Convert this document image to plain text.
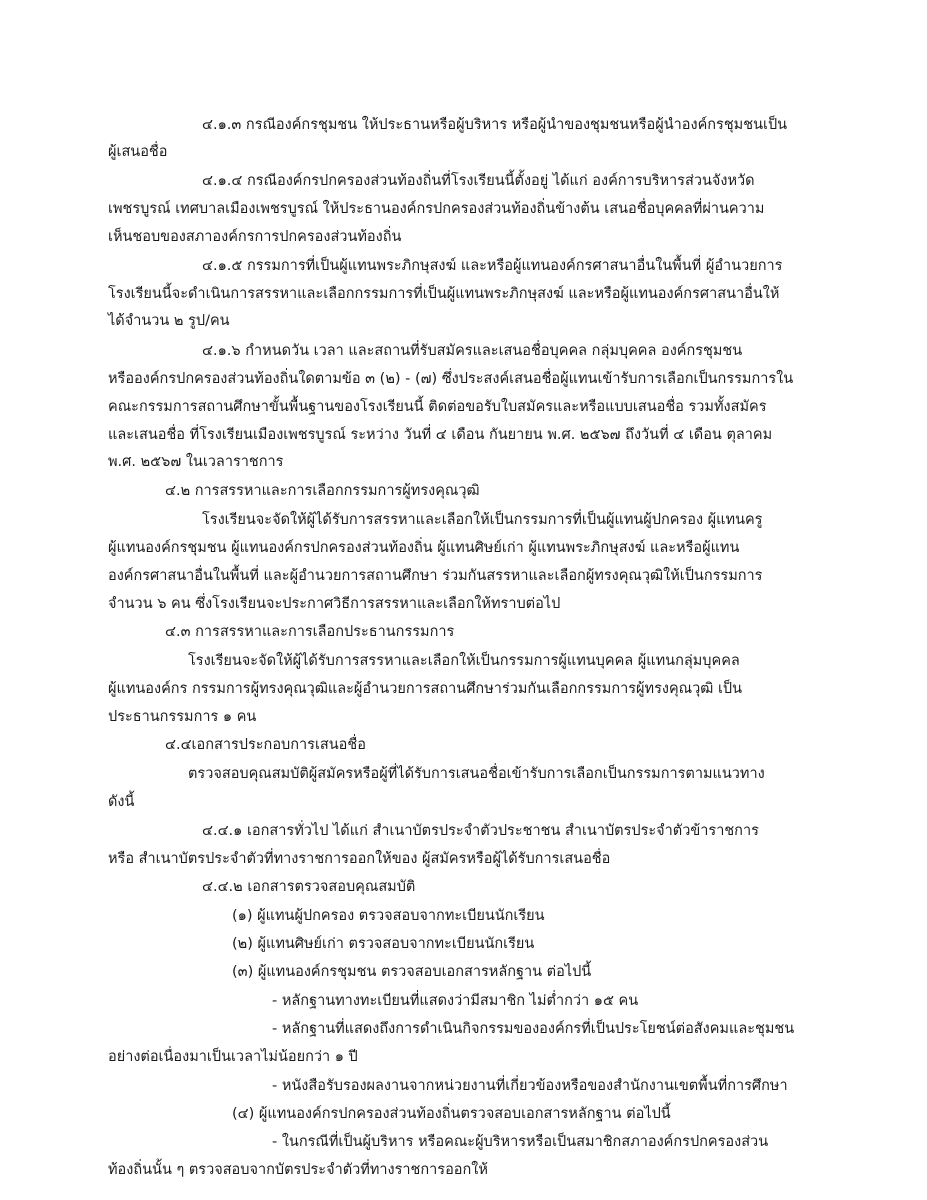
๔.๑.๓ กรณีองค์กรชุมชน ให้ประธานหรือผู้บริหาร หรือผู้นำของชุมชนหรือผู้นำองค์กรชุมชนเป็น
ผู้เสนอชื่อ
๔.๑.๔ กรณีองค์กรปกครองส่วนท้องถิ่นที่โรงเรียนนี้ตั้งอยู่ ได้แก่ องค์การบริหารส่วนจังหวัด
เพชรบูรณ์ เทศบาลเมืองเพชรบูรณ์ ให้ประธานองค์กรปกครองส่วนท้องถิ่นข้างต้น เสนอชื่อบุคคลที่ผ่านความ
เห็นชอบของสภาองค์กรการปกครองส่วนท้องถิ่น
๔.๑.๕ กรรมการที่เป็นผู้แทนพระภิกษุสงฆ์ และหรือผู้แทนองค์กรศาสนาอื่นในพื้นที่ ผู้อำนวยการ
โรงเรียนนี้จะดำเนินการสรรหาและเลือกกรรมการที่เป็นผู้แทนพระภิกษุสงฆ์ และหรือผู้แทนองค์กรศาสนาอื่นให้
ได้จำนวน ๒ รูป/คน
๔.๑.๖ กำหนดวัน เวลา และสถานที่รับสมัครและเสนอชื่อบุคคล กลุ่มบุคคล องค์กรชุมชน
หรือองค์กรปกครองส่วนท้องถิ่นใดตามข้อ ๓ (๒) - (๗) ซึ่งประสงค์เสนอชื่อผู้แทนเข้ารับการเลือกเป็นกรรมการใน
คณะกรรมการสถานศึกษาขั้นพื้นฐานของโรงเรียนนี้ ติดต่อขอรับใบสมัครและหรือแบบเสนอชื่อ รวมทั้งสมัคร
และเสนอชื่อ ที่โรงเรียนเมืองเพชรบูรณ์ ระหว่าง วันที่ ๔ เดือน กันยายน พ.ศ. ๒๕๖๗ ถึงวันที่ ๔ เดือน ตุลาคม
พ.ศ. ๒๕๖๗ ในเวลาราชการ
๔.๒ การสรรหาและการเลือกกรรมการผู้ทรงคุณวุฒิ
โรงเรียนจะจัดให้ผู้ได้รับการสรรหาและเลือกให้เป็นกรรมการที่เป็นผู้แทนผู้ปกครอง ผู้แทนครู
ผู้แทนองค์กรชุมชน ผู้แทนองค์กรปกครองส่วนท้องถิ่น ผู้แทนศิษย์เก่า ผู้แทนพระภิกษุสงฆ์ และหรือผู้แทน
องค์กรศาสนาอื่นในพื้นที่ และผู้อำนวยการสถานศึกษา ร่วมกันสรรหาและเลือกผู้ทรงคุณวุฒิให้เป็นกรรมการ
จำนวน ๖ คน ซึ่งโรงเรียนจะประกาศวิธีการสรรหาและเลือกให้ทราบต่อไป
๔.๓ การสรรหาและการเลือกประธานกรรมการ
โรงเรียนจะจัดให้ผู้ได้รับการสรรหาและเลือกให้เป็นกรรมการผู้แทนบุคคล ผู้แทนกลุ่มบุคคล
ผู้แทนองค์กร กรรมการผู้ทรงคุณวุฒิและผู้อำนวยการสถานศึกษาร่วมกันเลือกกรรมการผู้ทรงคุณวุฒิ เป็น
ประธานกรรมการ ๑ คน
๔.๔เอกสารประกอบการเสนอชื่อ
ตรวจสอบคุณสมบัติผู้สมัครหรือผู้ที่ได้รับการเสนอชื่อเข้ารับการเลือกเป็นกรรมการตามแนวทาง
ดังนี้
๔.๔.๑ เอกสารทั่วไป ได้แก่ สำเนาบัตรประจำตัวประชาชน สำเนาบัตรประจำตัวข้าราชการ
หรือ สำเนาบัตรประจำตัวที่ทางราชการออกให้ของ ผู้สมัครหรือผู้ได้รับการเสนอชื่อ
๔.๔.๒ เอกสารตรวจสอบคุณสมบัติ
(๑) ผู้แทนผู้ปกครอง ตรวจสอบจากทะเบียนนักเรียน
(๒) ผู้แทนศิษย์เก่า ตรวจสอบจากทะเบียนนักเรียน
(๓) ผู้แทนองค์กรชุมชน ตรวจสอบเอกสารหลักฐาน ต่อไปนี้
- หลักฐานทางทะเบียนที่แสดงว่ามีสมาชิก ไม่ต่ำกว่า ๑๕ คน
- หลักฐานที่แสดงถึงการดำเนินกิจกรรมขององค์กรที่เป็นประโยชน์ต่อสังคมและชุมชน
อย่างต่อเนื่องมาเป็นเวลาไม่น้อยกว่า ๑ ปี
- หนังสือรับรองผลงานจากหน่วยงานที่เกี่ยวข้องหรือของสำนักงานเขตพื้นที่การศึกษา
(๔) ผู้แทนองค์กรปกครองส่วนท้องถิ่นตรวจสอบเอกสารหลักฐาน ต่อไปนี้
- ในกรณีที่เป็นผู้บริหาร หรือคณะผู้บริหารหรือเป็นสมาชิกสภาองค์กรปกครองส่วน
ท้องถิ่นนั้น ๆ ตรวจสอบจากบัตรประจำตัวที่ทางราชการออกให้
